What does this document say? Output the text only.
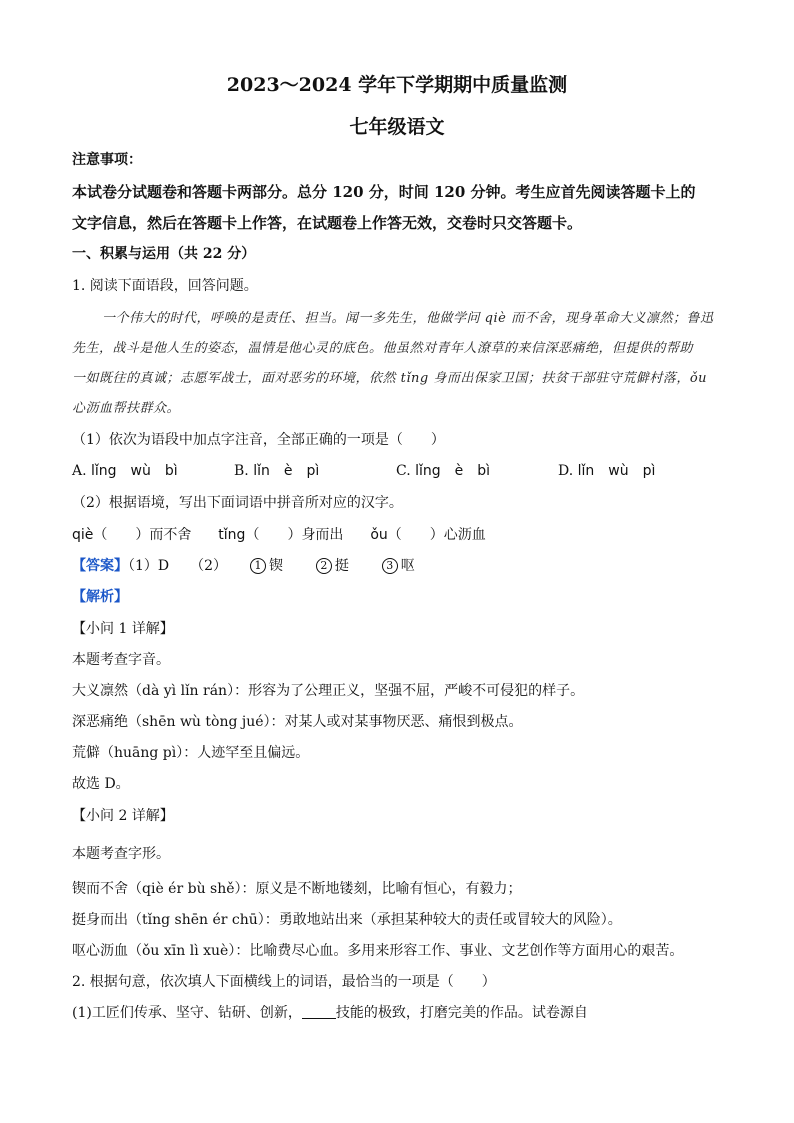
2023～2024 学年下学期期中质量监测
七年级语文
注意事项：
本试卷分试题卷和答题卡两部分。总分 120 分，时间 120 分钟。考生应首先阅读答题卡上的
文字信息，然后在答题卡上作答，在试题卷上作答无效，交卷时只交答题卡。
一、积累与运用（共 22 分）
1. 阅读下面语段，回答问题。
一个伟大的时代，呼唤的是责任、担当。闻一多先生，他做学问 qiè 而不舍，现身革命大义凛然；鲁迅
先生，战斗是他人生的姿态，温情是他心灵的底色。他虽然对青年人潦草的来信深恶痛绝，但提供的帮助
一如既往的真诚；志愿军战士，面对恶劣的环境，依然 tǐng 身而出保家卫国；扶贫干部驻守荒僻村落，ǒu
心沥血帮扶群众。
（1）依次为语段中加点字注音，全部正确的一项是（　　）
A. lǐng　wù　bì	B. lǐn　è　pì	C. lǐng　è　bì	D. lǐn　wù　pì
（2）根据语境，写出下面词语中拼音所对应的汉字。
qiè（ ）而不舍 tǐng（ ）身而出 ǒu（ ）心沥血
【答案】（1）D　　（2） 1 锲	2 挺	3 呕
【解析】
【小问 1 详解】
本题考查字音。
大义凛然（dà yì lǐn rán）：形容为了公理正义，坚强不屈，严峻不可侵犯的样子。
深恶痛绝（shēn wù tòng jué）：对某人或对某事物厌恶、痛恨到极点。
荒僻（huāng pì）：人迹罕至且偏远。
故选 D。
【小问 2 详解】
本题考查字形。
锲而不舍（qiè ér bù shě）：原义是不断地镂刻，比喻有恒心，有毅力；
挺身而出（tǐng shēn ér chū）：勇敢地站出来（承担某种较大的责任或冒较大的风险）。
呕心沥血（ǒu xīn lì xuè）：比喻费尽心血。多用来形容工作、事业、文艺创作等方面用心的艰苦。
2. 根据句意，依次填人下面横线上的词语，最恰当的一项是（　　）
(1)工匠们传承、坚守、钻研、创新， 技能的极致，打磨完美的作品。试卷源自
